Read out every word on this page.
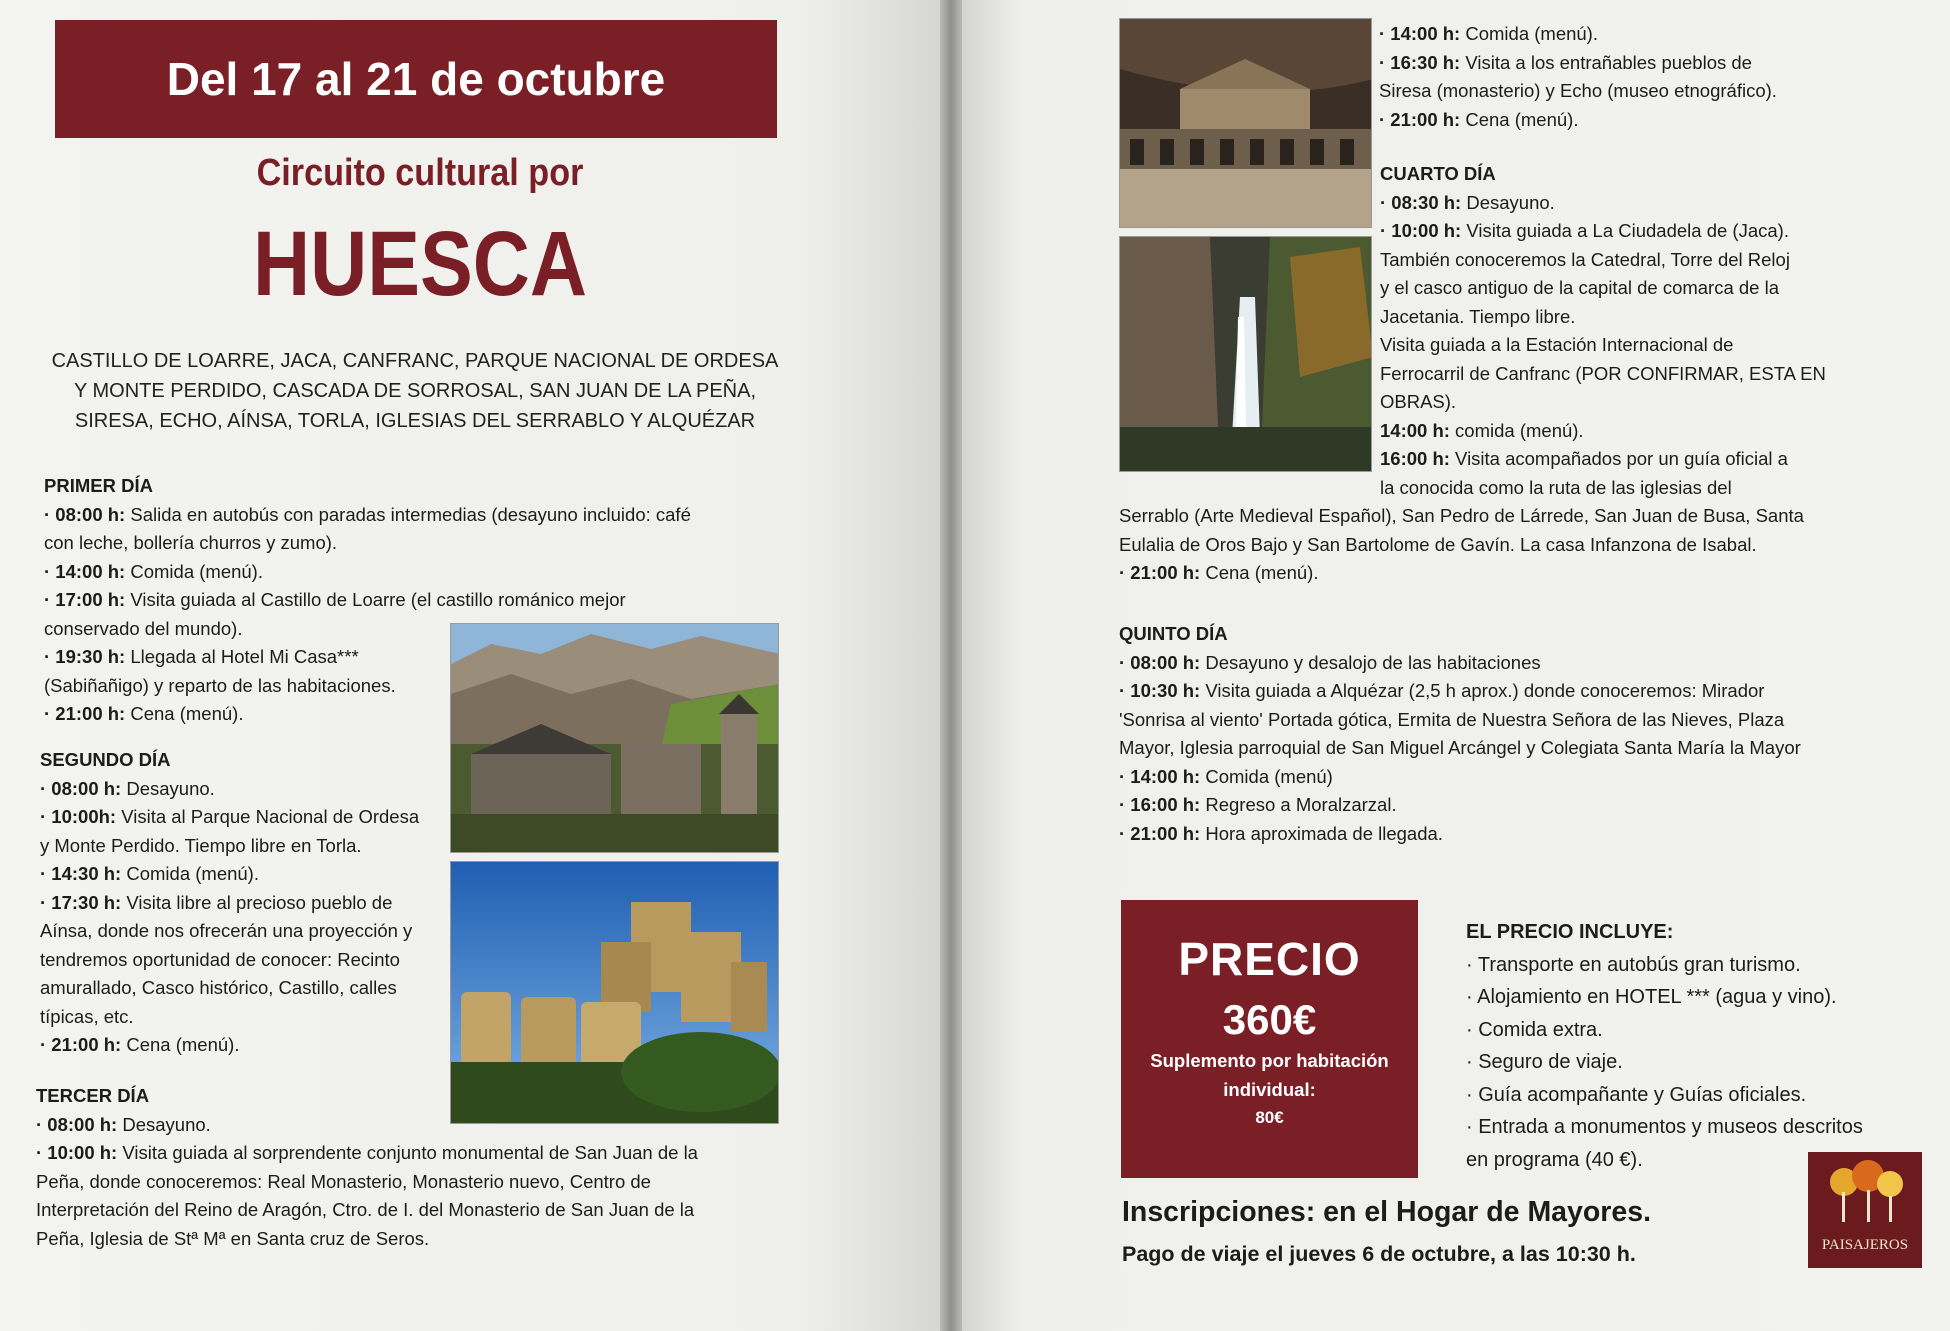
Del 17 al 21 de octubre
Circuito cultural por
HUESCA
CASTILLO DE LOARRE, JACA, CANFRANC, PARQUE NACIONAL DE ORDESA
Y MONTE PERDIDO, CASCADA DE SORROSAL, SAN JUAN DE LA PEÑA,
SIRESA, ECHO, AÍNSA, TORLA, IGLESIAS DEL SERRABLO Y ALQUÉZAR
PRIMER DÍA
· 08:00 h: Salida en autobús con paradas intermedias (desayuno incluido: café
con leche, bollería churros y zumo).
· 14:00 h: Comida (menú).
· 17:00 h: Visita guiada al Castillo de Loarre (el castillo románico mejor
conservado del mundo).
· 19:30 h: Llegada al Hotel Mi Casa***
(Sabiñañigo) y reparto de las habitaciones.
· 21:00 h: Cena (menú).
SEGUNDO DÍA
· 08:00 h: Desayuno.
· 10:00h: Visita al Parque Nacional de Ordesa
y Monte Perdido. Tiempo libre en Torla.
· 14:30 h: Comida (menú).
· 17:30 h: Visita libre al precioso pueblo de
Aínsa, donde nos ofrecerán una proyección y
tendremos oportunidad de conocer: Recinto
amurallado, Casco histórico, Castillo, calles
típicas, etc.
· 21:00 h: Cena (menú).
TERCER DÍA
· 08:00 h: Desayuno.
· 10:00 h: Visita guiada al sorprendente conjunto monumental de San Juan de la
Peña, donde conoceremos: Real Monasterio, Monasterio nuevo, Centro de
Interpretación del Reino de Aragón, Ctro. de I. del Monasterio de San Juan de la
Peña, Iglesia de Stª Mª en Santa cruz de Seros.
· 14:00 h: Comida (menú).
· 16:30 h: Visita a los entrañables pueblos de
Siresa (monasterio) y Echo (museo etnográfico).
· 21:00 h: Cena (menú).
CUARTO DÍA
· 08:30 h: Desayuno.
· 10:00 h: Visita guiada a La Ciudadela de (Jaca).
También conoceremos la Catedral, Torre del Reloj
y el casco antiguo de la capital de comarca de la
Jacetania. Tiempo libre.
Visita guiada a la Estación Internacional de
Ferrocarril de Canfranc (POR CONFIRMAR, ESTA EN
OBRAS).
14:00 h: comida (menú).
16:00 h: Visita acompañados por un guía oficial a
la conocida como la ruta de las iglesias del
Serrablo (Arte Medieval Español), San Pedro de Lárrede, San Juan de Busa, Santa
Eulalia de Oros Bajo y San Bartolome de Gavín. La casa Infanzona de Isabal.
· 21:00 h: Cena (menú).
QUINTO DÍA
· 08:00 h: Desayuno y desalojo de las habitaciones
· 10:30 h: Visita guiada a Alquézar (2,5 h aprox.) donde conoceremos: Mirador
'Sonrisa al viento' Portada gótica, Ermita de Nuestra Señora de las Nieves, Plaza
Mayor, Iglesia parroquial de San Miguel Arcángel y Colegiata Santa María la Mayor
· 14:00 h: Comida (menú)
· 16:00 h: Regreso a Moralzarzal.
· 21:00 h: Hora aproximada de llegada.
PRECIO
360€
Suplemento por habitación individual:
80€
EL PRECIO INCLUYE:
· Transporte en autobús gran turismo.
· Alojamiento en HOTEL *** (agua y vino).
· Comida extra.
· Seguro de viaje.
· Guía acompañante y Guías oficiales.
· Entrada a monumentos y museos descritos
en programa (40 €).
Inscripciones: en el Hogar de Mayores.
Pago de viaje el jueves 6 de octubre, a las 10:30 h.	PAISAJEROS
